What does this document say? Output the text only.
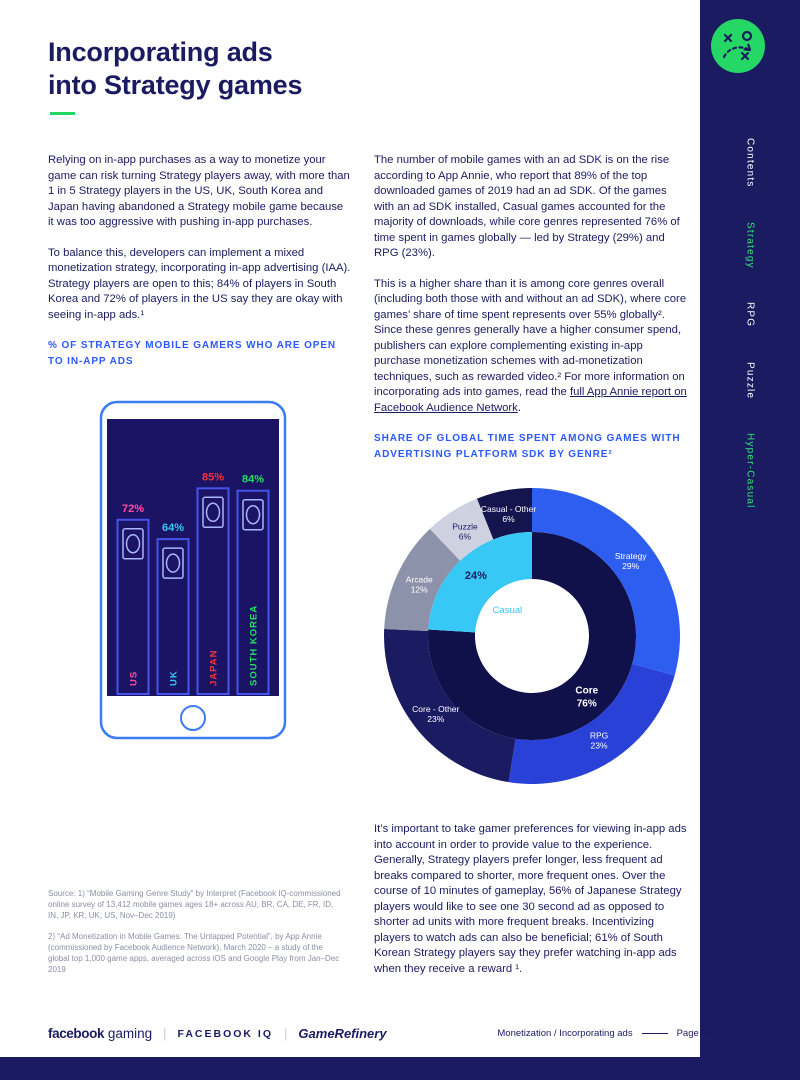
Contents
Strategy
RPG
Puzzle
Hyper-Casual
Incorporating ads
into Strategy games

Relying on in-app purchases as a way to monetize your game can risk turning Strategy players away, with more than 1 in 5 Strategy players in the US, UK, South Korea and Japan having abandoned a Strategy mobile game because it was too aggressive with pushing in-app purchases.

To balance this, developers can implement a mixed monetization strategy, incorporating in-app advertising (IAA). Strategy players are open to this; 84% of players in South Korea and 72% of players in the US say they are okay with seeing in-app ads.¹

% OF STRATEGY MOBILE GAMERS WHO ARE OPEN TO IN-APP ADS
72%
US
64%
UK
85%
JAPAN
84%
SOUTH KOREA

Source: 1) “Mobile Gaming Genre Study” by Interpret (Facebook IQ-commissioned online survey of 13,412 mobile games ages 18+ across AU, BR, CA, DE, FR, ID, IN, JP, KR, UK, US, Nov–Dec 2019)

2) “Ad Monetization in Mobile Games: The Untapped Potential”, by App Annie (commissioned by Facebook Audience Network), March 2020 – a study of the global top 1,000 game apps, averaged across iOS and Google Play from Jan–Dec 2019

The number of mobile games with an ad SDK is on the rise according to App Annie, who report that 89% of the top downloaded games of 2019 had an ad SDK. Of the games with an ad SDK installed, Casual games accounted for the majority of downloads, while core genres represented 76% of time spent in games globally — led by Strategy (29%) and RPG (23%).

This is a higher share than it is among core genres overall (including both those with and without an ad SDK), where core games’ share of time spent represents over 55% globally². Since these genres generally have a higher consumer spend, publishers can explore complementing existing in-app purchase monetization schemes with ad-monetization techniques, such as rewarded video.² For more information on incorporating ads into games, read the full App Annie report on Facebook Audience Network.

SHARE OF GLOBAL TIME SPENT AMONG GAMES WITH ADVERTISING PLATFORM SDK BY GENRE²
Strategy 29%
RPG 23%
Core - Other 23%
Arcade 12%
Puzzle 6%
Casual - Other 6%
Core 76%
24%
Casual

It’s important to take gamer preferences for viewing in-app ads into account in order to provide value to the experience. Generally, Strategy players prefer longer, less frequent ad breaks compared to shorter, more frequent ones. Over the course of 10 minutes of gameplay, 56% of Japanese Strategy players would like to see one 30 second ad as opposed to shorter ad units with more frequent breaks. Incentivizing players to watch ads can also be beneficial; 61% of South Korean Strategy players say they prefer watching in-app ads when they receive a reward ¹.

facebook gaming | FACEBOOK IQ | GameRefinery	Monetization / Incorporating ads	Page 19
